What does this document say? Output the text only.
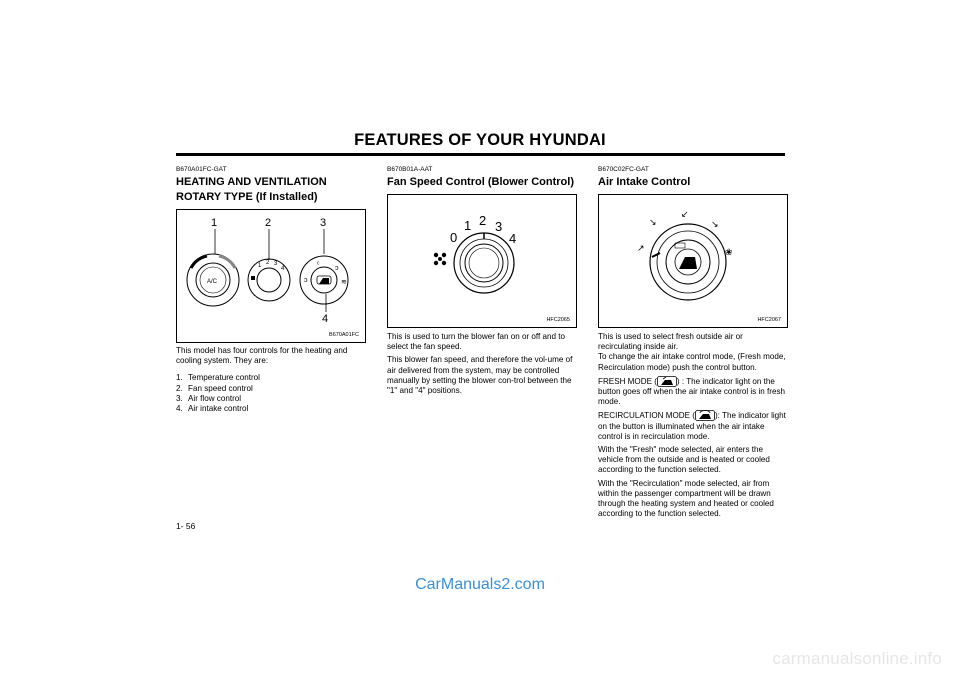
FEATURES OF YOUR HYUNDAI
B670A01FC-GAT
HEATING AND VENTILATION
ROTARY TYPE (If Installed)
1	2	3
4
A/C
1 2 3
4
ↄ
ᶜ
ↄ
≋
B670A01FC
This model has four controls for the heating and cooling system. They are:
1. Temperature control
2. Fan speed control
3. Air flow control
4. Air intake control
B670B01A-AAT
Fan Speed Control (Blower Control)
0
1 2 3
4
HFC2065

This is used to turn the blower fan on or off and to select the fan speed.

This blower fan speed, and therefore the vol-ume of air delivered from the system, may be controlled manually by setting the blower con-trol between the "1" and "4" positions.

B670C02FC-GAT
Air Intake Control
↘
↙
↘
↗	❀
HFC2067

This is used to select fresh outside air or recirculating inside air.

To change the air intake control mode, (Fresh mode, Recirculation mode) push the control button.

FRESH MODE ( ) : The indicator light on the button goes off when the air intake control is in fresh mode.

RECIRCULATION MODE ( ): The indicator light on the button is illuminated when the air intake control is in recirculation mode.

With the "Fresh" mode selected, air enters the vehicle from the outside and is heated or cooled according to the function selected.

With the "Recirculation" mode selected, air from within the passenger compartment will be drawn through the heating system and heated or cooled according to the function selected.

1- 56
CarManuals2.com
carmanualsonline.info
